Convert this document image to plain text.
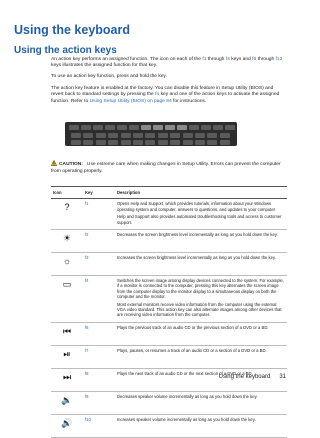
Using the keyboard
Using the action keys
An action key performs an assigned function. The icon on each of the f1 through f4 keys and f6 through f12 keys illustrates the assigned function for that key.
To use an action key function, press and hold the key.
The action key feature is enabled at the factory. You can disable this feature in Setup Utility (BIOS) and revert back to standard settings by pressing the fn key and one of the action keys to activate the assigned function. Refer to Using Setup Utility (BIOS) on page 84 for instructions.
CAUTION: Use extreme care when making changes in Setup Utility. Errors can prevent the computer from operating properly.
Icon	Key	Description
?	f1	Opens Help and Support, which provides tutorials, information about your Windows operating system and computer, answers to questions, and updates to your computer.

Help and Support also provides automated troubleshooting tools and access to customer support.

☀	f2	Decreases the screen brightness level incrementally as long as you hold down the key.

☼	f3	Increases the screen brightness level incrementally as long as you hold down the key.

▭	f4	Switches the screen image among display devices connected to the system. For example, if a monitor is connected to the computer, pressing this key alternates the screen image from the computer display to the monitor display to a simultaneous display on both the computer and the monitor.

Most external monitors receive video information from the computer using the external VGA video standard. This action key can also alternate images among other devices that are receiving video information from the computer.

⏮	f6	Plays the previous track of an audio CD or the previous section of a DVD or a BD.

⏯	f7	Plays, pauses, or resumes a track of an audio CD or a section of a DVD or a BD.

⏭	f8	Plays the next track of an audio CD or the next section of a DVD or a BD.

🔉	f9	Decreases speaker volume incrementally as long as you hold down the key.

🔊	f10	Increases speaker volume incrementally as long as you hold down the key.

Using the keyboard 31
